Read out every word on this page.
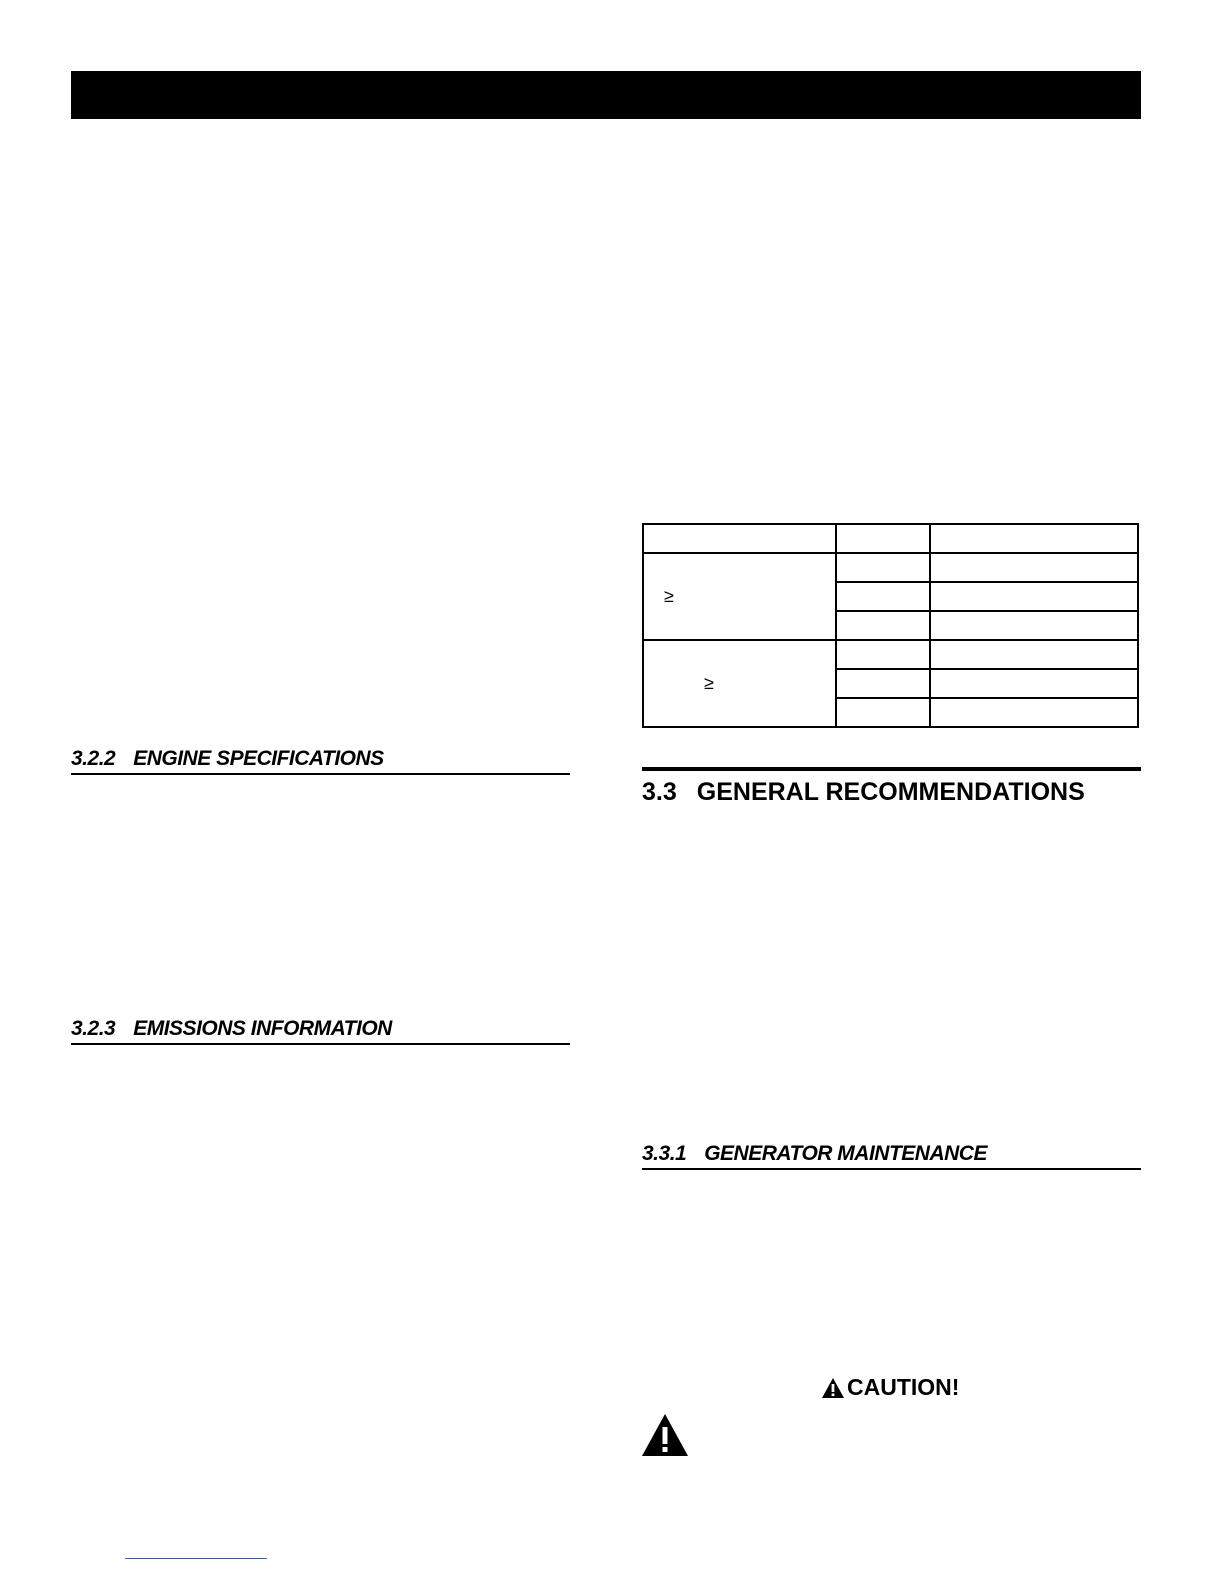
3.2.2 ENGINE SPECIFICATIONS
3.2.3 EMISSIONS INFORMATION

≥		

≥		

3.3 GENERAL RECOMMENDATIONS
3.3.1 GENERATOR MAINTENANCE
CAUTION!
